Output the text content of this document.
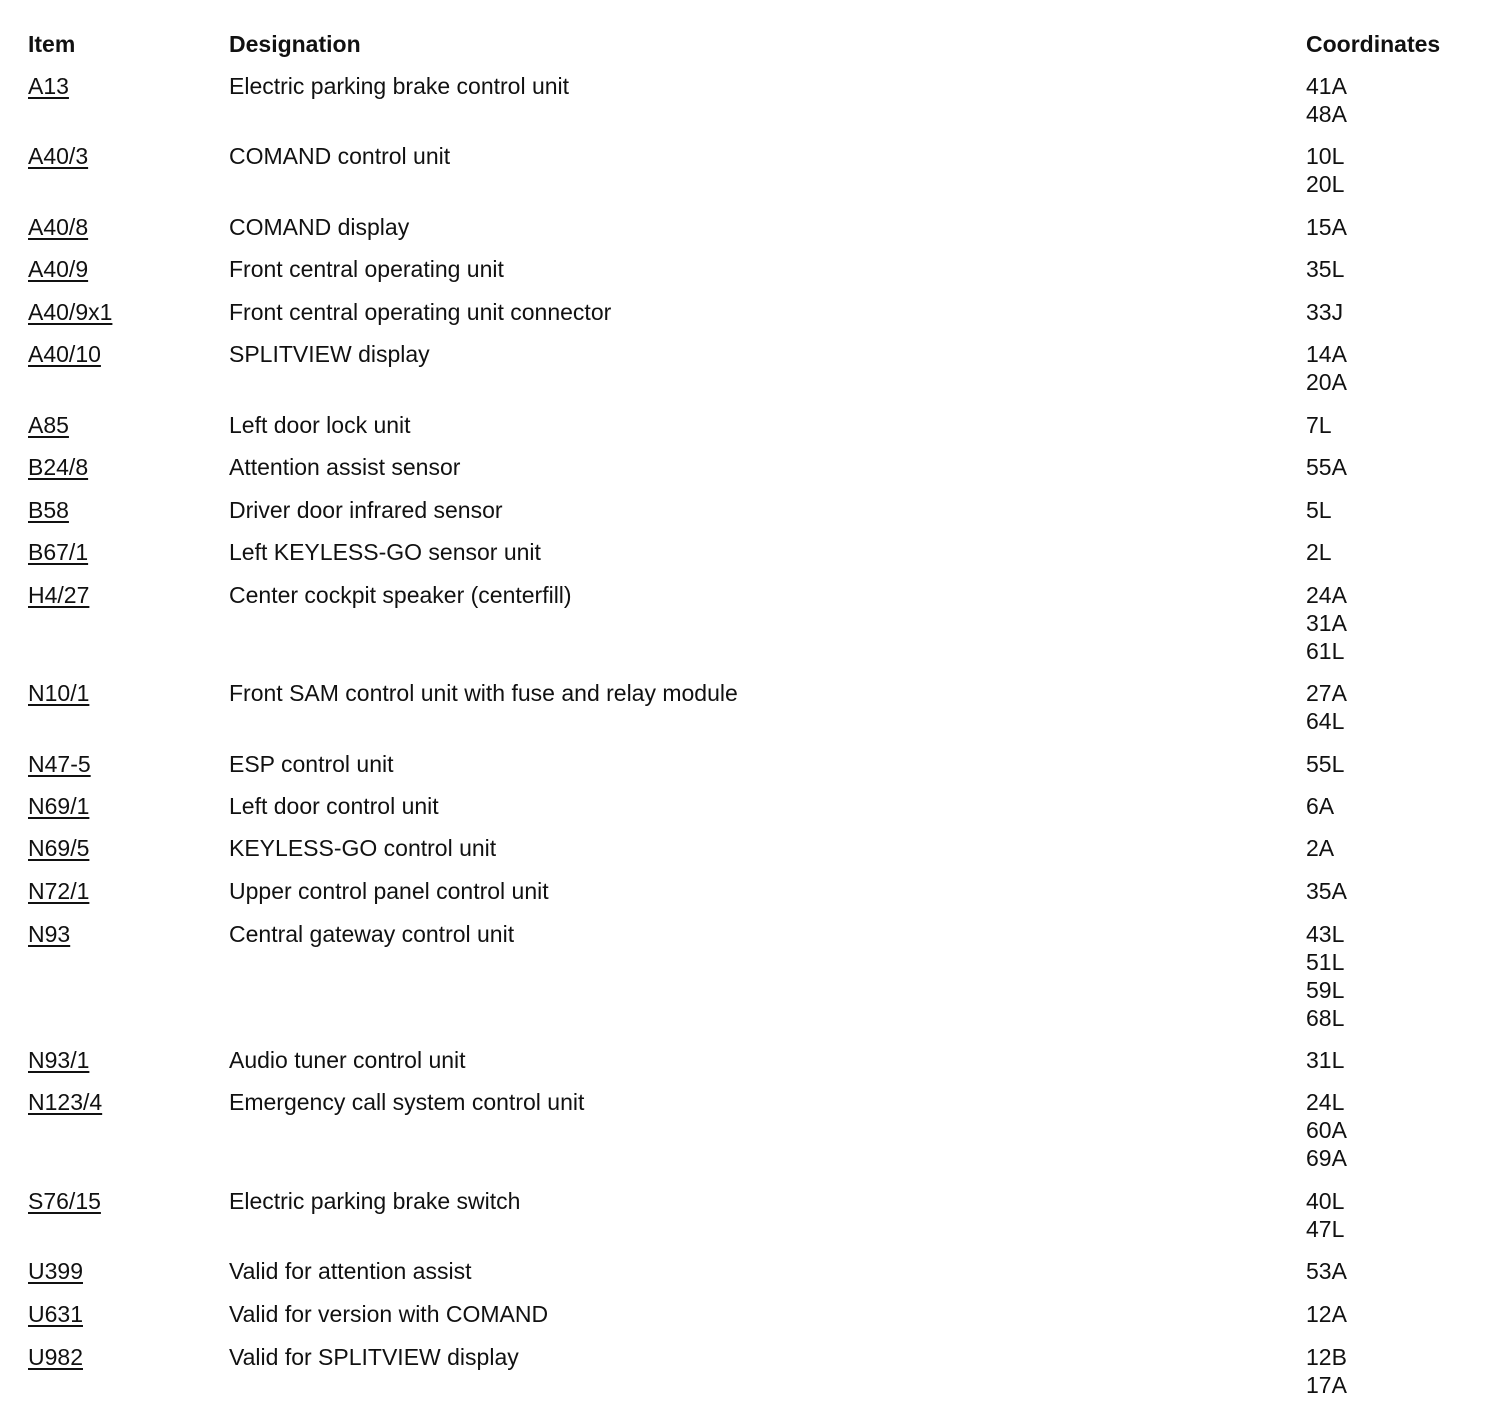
Item	Designation	Coordinates
A13	Electric parking brake control unit	41A
48A
A40/3	COMAND control unit	10L
20L
A40/8	COMAND display	15A
A40/9	Front central operating unit	35L
A40/9x1	Front central operating unit connector	33J
A40/10	SPLITVIEW display	14A
20A
A85	Left door lock unit	7L
B24/8	Attention assist sensor	55A
B58	Driver door infrared sensor	5L
B67/1	Left KEYLESS-GO sensor unit	2L
H4/27	Center cockpit speaker (centerfill)	24A
31A
61L
N10/1	Front SAM control unit with fuse and relay module	27A
64L
N47-5	ESP control unit	55L
N69/1	Left door control unit	6A
N69/5	KEYLESS-GO control unit	2A
N72/1	Upper control panel control unit	35A
N93	Central gateway control unit	43L
51L
59L
68L
N93/1	Audio tuner control unit	31L
N123/4	Emergency call system control unit	24L
60A
69A
S76/15	Electric parking brake switch	40L
47L
U399	Valid for attention assist	53A
U631	Valid for version with COMAND	12A
U982	Valid for SPLITVIEW display	12B
17A
